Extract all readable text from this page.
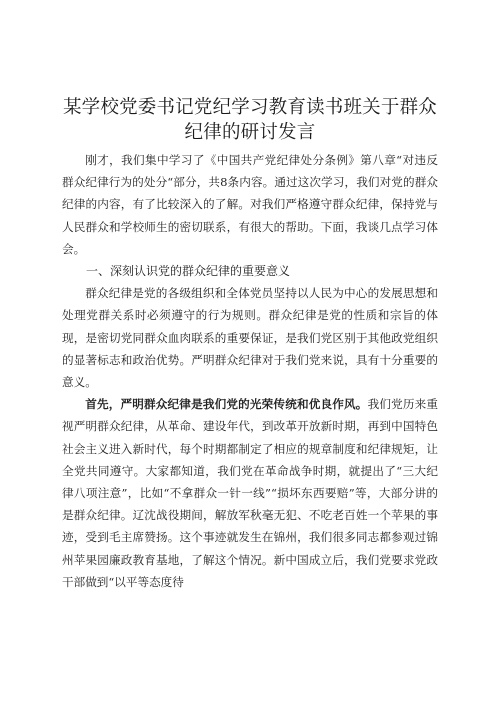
某学校党委书记党纪学习教育读书班关于群众
纪律的研讨发言

刚才，我们集中学习了《中国共产党纪律处分条例》第八章“对违反群众纪律行为的处分“部分，共8条内容。通过这次学习，我们对党的群众纪律的内容，有了比较深入的了解。对我们严格遵守群众纪律，保持党与人民群众和学校师生的密切联系，有很大的帮助。下面，我谈几点学习体会。

一、深刻认识党的群众纪律的重要意义

群众纪律是党的各级组织和全体党员坚持以人民为中心的发展思想和处理党群关系时必须遵守的行为规则。群众纪律是党的性质和宗旨的体现，是密切党同群众血肉联系的重要保证，是我们党区别于其他政党组织的显著标志和政治优势。严明群众纪律对于我们党来说，具有十分重要的意义。

首先，严明群众纪律是我们党的光荣传统和优良作风。我们党历来重视严明群众纪律，从革命、建设年代，到改革开放新时期，再到中国特色社会主义进入新时代，每个时期都制定了相应的规章制度和纪律规矩，让全党共同遵守。大家都知道，我们党在革命战争时期，就提出了“三大纪律八项注意”，比如“不拿群众一针一线”“损坏东西要赔”等，大部分讲的是群众纪律。辽沈战役期间，解放军秋毫无犯、不吃老百姓一个苹果的事迹，受到毛主席赞扬。这个事迹就发生在锦州，我们很多同志都参观过锦州苹果园廉政教育基地，了解这个情况。新中国成立后，我们党要求党政干部做到“以平等态度待
